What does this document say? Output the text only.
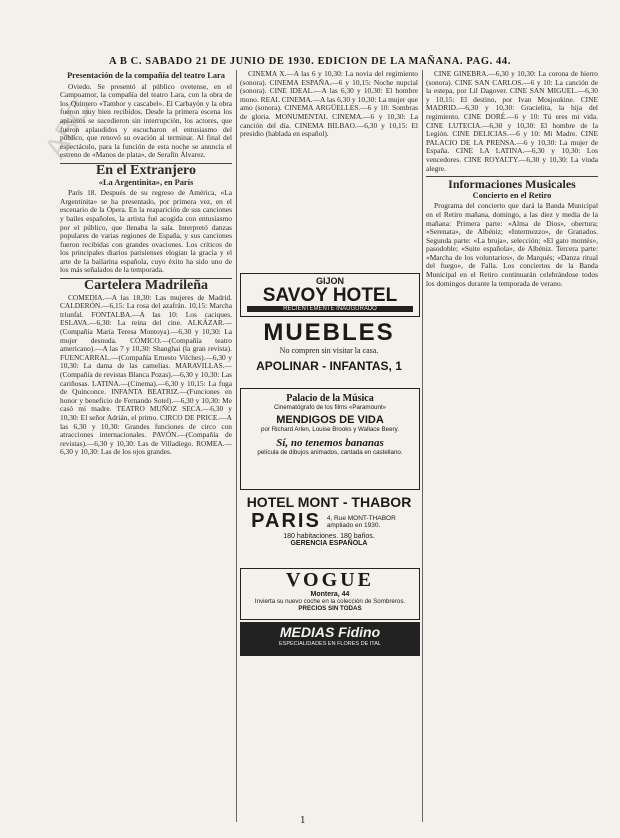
ABC
A B C. SABADO 21 DE JUNIO DE 1930. EDICION DE LA MAÑANA. PAG. 44.
Presentación de la compañía del teatro Lara

Oviedo. Se presentó al público ovetense, en el Campoamor, la compañía del teatro Lara, con la obra de los Quintero «Tambor y cascabel». El Carbayón y la obra fueron muy bien recibidos. Desde la primera escena los aplausos se sucedieron sin interrupción, los actores, que fueron aplaudidos y escucharon el entusiasmo del público, que renovó su ovación al terminar. Al final del espectáculo, para la función de esta noche se anuncia el estreno de «Manos de plata», de Serafín Álvarez.

En el Extranjero
«La Argentinita», en París

París 18. Después de su regreso de América, «La Argentinita» se ha presentado, por primera vez, en el escenario de la Ópera. En la reaparición de sus canciones y bailes españoles, la artista fué acogida con entusiasmo por el público, que llenaba la sala. Interpretó danzas populares de varias regiones de España, y sus canciones fueron recibidas con grandes ovaciones. Los críticos de los principales diarios parisienses elogian la gracia y el arte de la bailarina española, cuyo éxito ha sido uno de los más señalados de la temporada.

Cartelera Madrileña

COMEDIA.—A las 18,30: Las mujeres de Madrid. CALDERÓN.—6,15: La rosa del azafrán. 10,15: Marcha triunfal. FONTALBA.—A las 10: Los caciques. ESLAVA.—6,30: La reina del cine. ALKÁZAR.—(Compañía María Teresa Montoya).—6,30 y 10,30: La mujer desnuda. CÓMICO.—(Compañía teatro americano).—A las 7 y 10,30: Shanghai (la gran revista). FUENCARRAL.—(Compañía Ernesto Vilches).—6,30 y 10,30: La dama de las camelias. MARAVILLAS.—(Compañía de revistas Blanca Pozas).—6,30 y 10,30: Las cariñosas. LATINA.—(Cinema).—6,30 y 10,15: La fuga de Quinconce. INFANTA BEATRIZ.—(Funciones en honor y beneficio de Fernando Sotel).—6,30 y 10,30: Me casó mi madre. TEATRO MUÑOZ SECA.—6,30 y 10,30: El señor Adrián, el primo. CIRCO DE PRICE.—A las 6,30 y 10,30: Grandes funciones de circo con atracciones internacionales. PAVÓN.—(Compañía de revistas).—6,30 y 10,30: Las de Villadiego. ROMEA.—6,30 y 10,30: Las de los ojos grandes.

CINEMA X.—A las 6 y 10,30: La novia del regimiento (sonora). CINEMA ESPAÑA.—6 y 10,15: Noche nupcial (sonora). CINE IDEAL.—A las 6,30 y 10,30: El hombre mono. REAL CINEMA.—A las 6,30 y 10,30: La mujer que amo (sonora). CINEMA ARGÜELLES.—6 y 10: Sombras de gloria. MONUMENTAL CINEMA.—6 y 10,30: La canción del día. CINEMA BILBAO.—6,30 y 10,15: El presidio (hablada en español).

GIJON
SAVOY HOTEL
RECIENTEMENTE INAUGURADO
MUEBLES
No compren sin visitar la casa.
APOLINAR - INFANTAS, 1
Palacio de la Música
Cinematógrafo de los films «Paramount»
MENDIGOS DE VIDA
por Richard Arlen, Louise Brooks y Wallace Beery.
Sí, no tenemos bananas
película de dibujos animados, cantada en castellano.
HOTEL MONT - THABOR
PARIS 4, Rue MONT-THABOR ampliado en 1930.
180 habitaciones. 180 baños.
GERENCIA ESPAÑOLA
VOGUE
Montera, 44
Invierta su nuevo coche en la colección de Sombreros.
PRECIOS SIN TODAS
MEDIAS Fidino
ESPECIALIDADES EN FLORES DE ITAL

CINE GINEBRA.—6,30 y 10,30: La corona de hierro (sonora). CINE SAN CARLOS.—6 y 10: La canción de la estepa, por Lil Dagover. CINE SAN MIGUEL.—6,30 y 10,15: El destino, por Ivan Mosjoukine. CINE MADRID.—6,30 y 10,30: Gracielita, la hija del regimiento. CINE DORÉ.—6 y 10: Tú eres mi vida. CINE LUTECIA.—6,30 y 10,30: El hombre de la Legión. CINE DELICIAS.—6 y 10: Mi Madre. CINE PALACIO DE LA PRENSA.—6 y 10,30: La mujer de España. CINE LA LATINA.—6,30 y 10,30: Los vencedores. CINE ROYALTY.—6,30 y 10,30: La viuda alegre.

Informaciones Musicales
Concierto en el Retiro

Programa del concierto que dará la Banda Municipal en el Retiro mañana, domingo, a las diez y media de la mañana: Primera parte: «Alma de Dios», obertura; «Serenata», de Albéniz; «Intermezzo», de Granados. Segunda parte: «La bruja», selección; «El gato montés», pasodoble; «Suite española», de Albéniz. Tercera parte: «Marcha de los voluntarios», de Marqués; «Danza ritual del fuego», de Falla. Los conciertos de la Banda Municipal en el Retiro continuarán celebrándose todos los domingos durante la temporada de verano.

1
